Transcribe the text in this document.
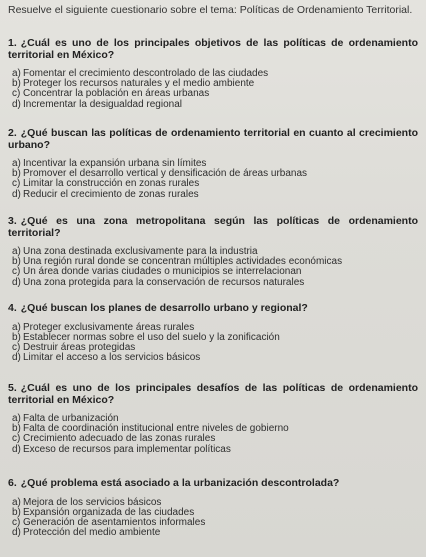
Resuelve el siguiente cuestionario sobre el tema: Políticas de Ordenamiento Territorial.
1. ¿Cuál es uno de los principales objetivos de las políticas de ordenamiento territorial en México?
a) Fomentar el crecimiento descontrolado de las ciudades
b) Proteger los recursos naturales y el medio ambiente
c) Concentrar la población en áreas urbanas
d) Incrementar la desigualdad regional
2. ¿Qué buscan las políticas de ordenamiento territorial en cuanto al crecimiento urbano?
a) Incentivar la expansión urbana sin límites
b) Promover el desarrollo vertical y densificación de áreas urbanas
c) Limitar la construcción en zonas rurales
d) Reducir el crecimiento de zonas rurales
3. ¿Qué es una zona metropolitana según las políticas de ordenamiento territorial?
a) Una zona destinada exclusivamente para la industria
b) Una región rural donde se concentran múltiples actividades económicas
c) Un área donde varias ciudades o municipios se interrelacionan
d) Una zona protegida para la conservación de recursos naturales
4. ¿Qué buscan los planes de desarrollo urbano y regional?
a) Proteger exclusivamente áreas rurales
b) Establecer normas sobre el uso del suelo y la zonificación
c) Destruir áreas protegidas
d) Limitar el acceso a los servicios básicos
5. ¿Cuál es uno de los principales desafíos de las políticas de ordenamiento territorial en México?
a) Falta de urbanización
b) Falta de coordinación institucional entre niveles de gobierno
c) Crecimiento adecuado de las zonas rurales
d) Exceso de recursos para implementar políticas
6. ¿Qué problema está asociado a la urbanización descontrolada?
a) Mejora de los servicios básicos
b) Expansión organizada de las ciudades
c) Generación de asentamientos informales
d) Protección del medio ambiente
